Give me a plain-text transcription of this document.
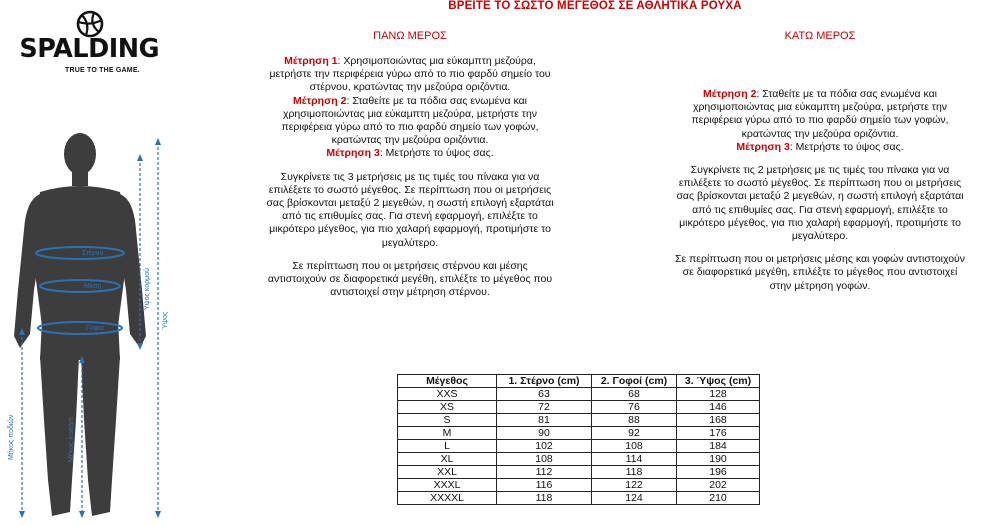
ΒΡΕΙΤΕ ΤΟ ΣΩΣΤΟ ΜΕΓΕΘΟΣ ΣΕ ΑΘΛΗΤΙΚΑ ΡΟΥΧΑ
SPALDING
TRUE TO THE GAME.
Στέρνο
Μέση
Γοφοί
Υψος κορμού
Ύψος
Μήκος ποδιών	Μήκος inseam
ΠΑΝΩ ΜΕΡΟΣ
Μέτρηση 1: Χρησιμοποιώντας μια εύκαμπτη μεζούρα,
μετρήστε την περιφέρεια γύρω από το πιο φαρδύ σημείο του
στέρνου, κρατώντας την μεζούρα οριζόντια.
Μέτρηση 2: Σταθείτε με τα πόδια σας ενωμένα και
χρησιμοποιώντας μια εύκαμπτη μεζούρα, μετρήστε την
περιφέρεια γύρω από το πιο φαρδύ σημείο των γοφών,
κρατώντας την μεζούρα οριζόντια.
Μέτρηση 3: Μετρήστε το ύψος σας.
Συγκρίνετε τις 3 μετρήσεις με τις τιμές του πίνακα για να
επιλέξετε το σωστό μέγεθος. Σε περίπτωση που οι μετρήσεις
σας βρίσκονται μεταξύ 2 μεγεθών, η σωστή επιλογή εξαρτάται
από τις επιθυμίες σας. Για στενή εφαρμογή, επιλέξτε το
μικρότερο μέγεθος, για πιο χαλαρή εφαρμογή, προτιμήστε το
μεγαλύτερο.
Σε περίπτωση που οι μετρήσεις στέρνου και μέσης
αντιστοιχούν σε διαφορετικά μεγέθη, επιλέξτε το μέγεθος που
αντιστοιχεί στην μέτρηση στέρνου.
ΚΑΤΩ ΜΕΡΟΣ
Μέτρηση 2: Σταθείτε με τα πόδια σας ενωμένα και
χρησιμοποιώντας μια εύκαμπτη μεζούρα, μετρήστε την
περιφέρεια γύρω από το πιο φαρδύ σημείο των γοφών,
κρατώντας την μεζούρα οριζόντια.
Μέτρηση 3: Μετρήστε το ύψος σας.
Συγκρίνετε τις 2 μετρήσεις με τις τιμές του πίνακα για να
επιλέξετε το σωστό μέγεθος. Σε περίπτωση που οι μετρήσεις
σας βρίσκονται μεταξύ 2 μεγεθών, η σωστή επιλογή εξαρτάται
από τις επιθυμίες σας. Για στενή εφαρμογή, επιλέξτε το
μικρότερο μέγεθος, για πιο χαλαρή εφαρμογή, προτιμήστε το
μεγαλύτερο.
Σε περίπτωση που οι μετρήσεις μέσης και γοφών αντιστοιχούν
σε διαφορετικά μεγέθη, επιλέξτε το μέγεθος που αντιστοιχεί
στην μέτρηση γοφών.
Μέγεθος	1. Στέρνο (cm)	2. Γοφοί (cm)	3. Ύψος (cm)
XXS	63	68	128
XS	72	76	146
S	81	88	168
M	90	92	176
L	102	108	184
XL	108	114	190
XXL	112	118	196
XXXL	116	122	202
XXXXL	118	124	210
